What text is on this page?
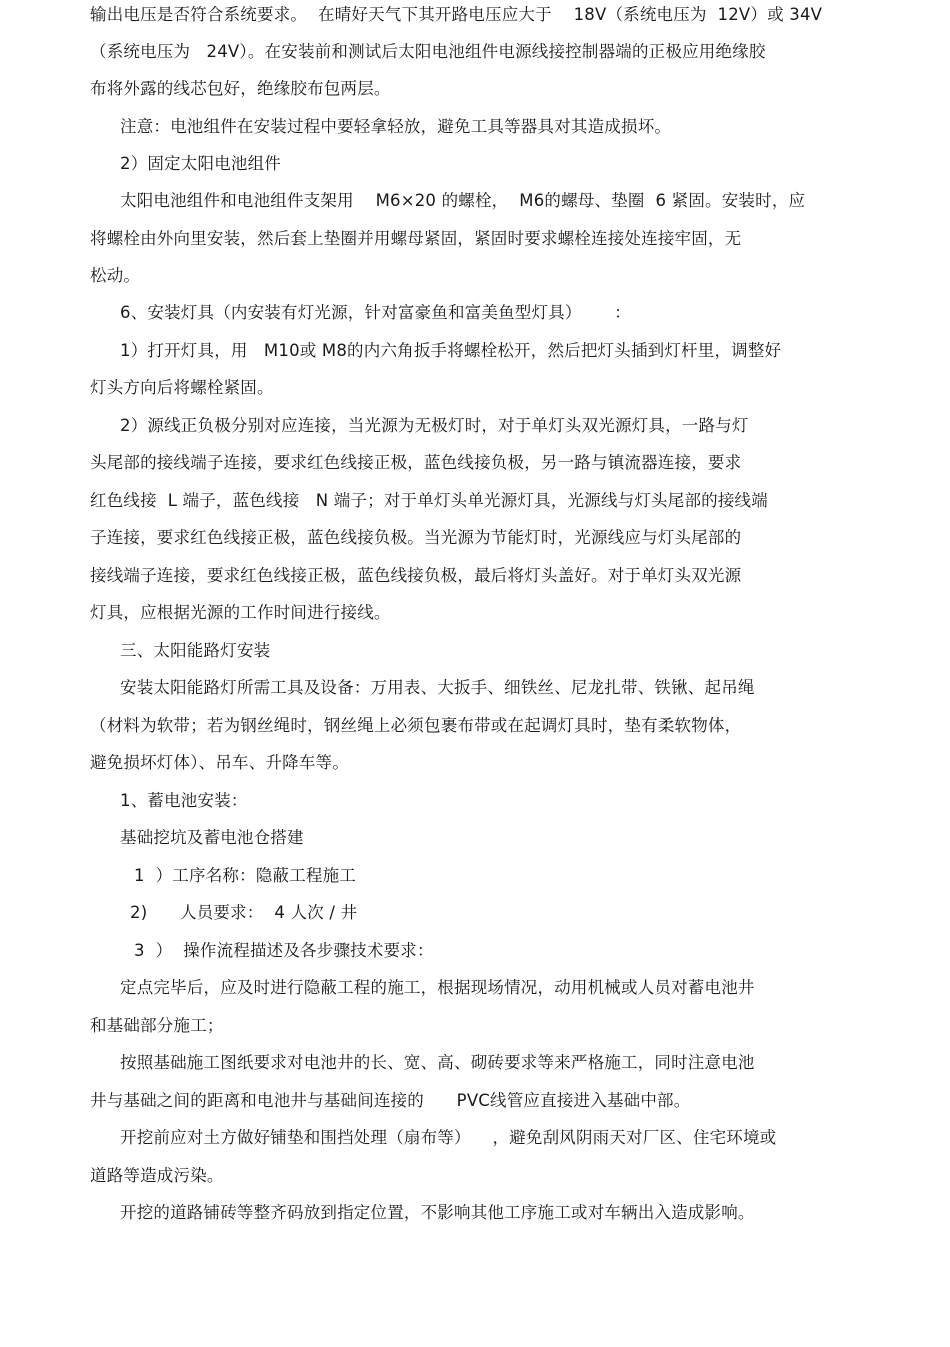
输出电压是否符合系统要求。  在晴好天气下其开路电压应大于    18V（系统电压为  12V）或 34V
（系统电压为   24V）。在安装前和测试后太阳电池组件电源线接控制器端的正极应用绝缘胶
布将外露的线芯包好，绝缘胶布包两层。
注意：电池组件在安装过程中要轻拿轻放，避免工具等器具对其造成损坏。
2）固定太阳电池组件
太阳电池组件和电池组件支架用    M6×20 的螺栓，  M6的螺母、垫圈  6 紧固。安装时，应
将螺栓由外向里安装，然后套上垫圈并用螺母紧固，紧固时要求螺栓连接处连接牢固，无
松动。
6、安装灯具（内安装有灯光源，针对富豪鱼和富美鱼型灯具）      ：
1）打开灯具，用   M10或 M8的内六角扳手将螺栓松开，然后把灯头插到灯杆里，调整好
灯头方向后将螺栓紧固。
2）源线正负极分别对应连接，当光源为无极灯时，对于单灯头双光源灯具，一路与灯
头尾部的接线端子连接，要求红色线接正极，蓝色线接负极，另一路与镇流器连接，要求
红色线接  L 端子，蓝色线接   N 端子；对于单灯头单光源灯具，光源线与灯头尾部的接线端
子连接，要求红色线接正极，蓝色线接负极。当光源为节能灯时，光源线应与灯头尾部的
接线端子连接，要求红色线接正极，蓝色线接负极，最后将灯头盖好。对于单灯头双光源
灯具，应根据光源的工作时间进行接线。
三、太阳能路灯安装
安装太阳能路灯所需工具及设备：万用表、大扳手、细铁丝、尼龙扎带、铁锹、起吊绳
（材料为软带；若为钢丝绳时，钢丝绳上必须包裹布带或在起调灯具时，垫有柔软物体，
避免损坏灯体）、吊车、升降车等。
1、蓄电池安装：
基础挖坑及蓄电池仓搭建
1  ）工序名称：隐蔽工程施工
2)      人员要求：  4 人次 / 井
3  ）  操作流程描述及各步骤技术要求：
定点完毕后，应及时进行隐蔽工程的施工，根据现场情况，动用机械或人员对蓄电池井
和基础部分施工；
按照基础施工图纸要求对电池井的长、宽、高、砌砖要求等来严格施工，同时注意电池
井与基础之间的距离和电池井与基础间连接的      PVC线管应直接进入基础中部。
开挖前应对土方做好铺垫和围挡处理（扇布等）    ，避免刮风阴雨天对厂区、住宅环境或
道路等造成污染。
开挖的道路铺砖等整齐码放到指定位置，不影响其他工序施工或对车辆出入造成影响。
